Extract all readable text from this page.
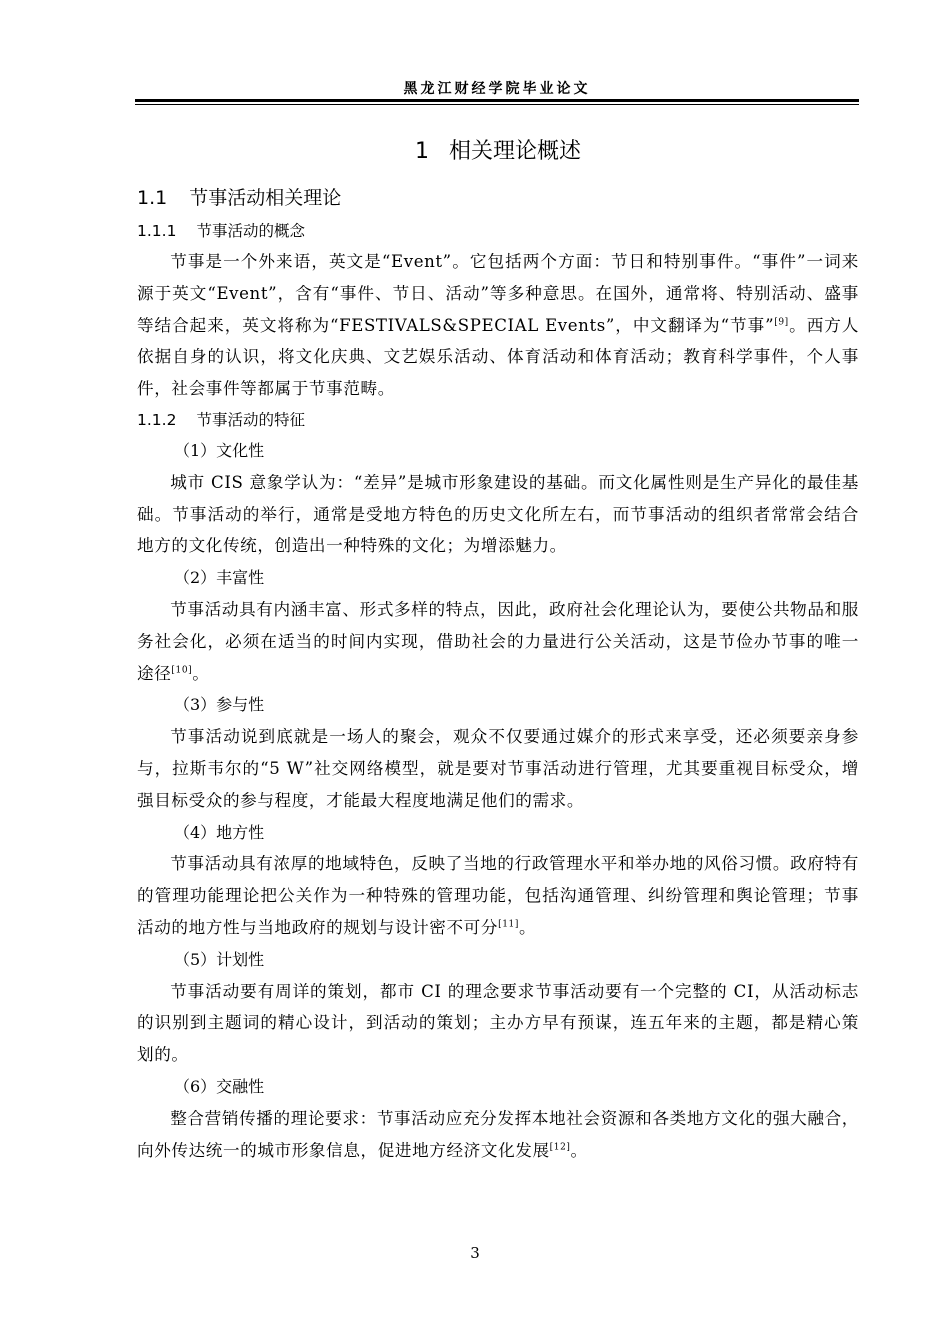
黑龙江财经学院毕业论文
1 相关理论概述
1.1 节事活动相关理论
1.1.1 节事活动的概念

节事是一个外来语，英文是“Event”。它包括两个方面：节日和特别事件。“事件”一词来源于英文“Event”，含有“事件、节日、活动”等多种意思。在国外，通常将、特别活动、盛事等结合起来，英文将称为“FESTIVALS&SPECIAL Events”，中文翻译为“节事”[9]。西方人依据自身的认识，将文化庆典、文艺娱乐活动、体育活动和体育活动；教育科学事件，个人事件，社会事件等都属于节事范畴。

1.1.2 节事活动的特征

（1）文化性

城市 CIS 意象学认为：“差异”是城市形象建设的基础。而文化属性则是生产异化的最佳基础。节事活动的举行，通常是受地方特色的历史文化所左右，而节事活动的组织者常常会结合地方的文化传统，创造出一种特殊的文化；为增添魅力。

（2）丰富性

节事活动具有内涵丰富、形式多样的特点，因此，政府社会化理论认为，要使公共物品和服务社会化，必须在适当的时间内实现，借助社会的力量进行公关活动，这是节俭办节事的唯一途径[10]。

（3）参与性

节事活动说到底就是一场人的聚会，观众不仅要通过媒介的形式来享受，还必须要亲身参与，拉斯韦尔的“5 W”社交网络模型，就是要对节事活动进行管理，尤其要重视目标受众，增强目标受众的参与程度，才能最大程度地满足他们的需求。

（4）地方性

节事活动具有浓厚的地域特色，反映了当地的行政管理水平和举办地的风俗习惯。政府特有的管理功能理论把公关作为一种特殊的管理功能，包括沟通管理、纠纷管理和舆论管理；节事活动的地方性与当地政府的规划与设计密不可分[11]。

（5）计划性

节事活动要有周详的策划，都市 CI 的理念要求节事活动要有一个完整的 CI，从活动标志的识别到主题词的精心设计，到活动的策划；主办方早有预谋，连五年来的主题，都是精心策划的。

（6）交融性

整合营销传播的理论要求：节事活动应充分发挥本地社会资源和各类地方文化的强大融合，向外传达统一的城市形象信息，促进地方经济文化发展[12]。

3
